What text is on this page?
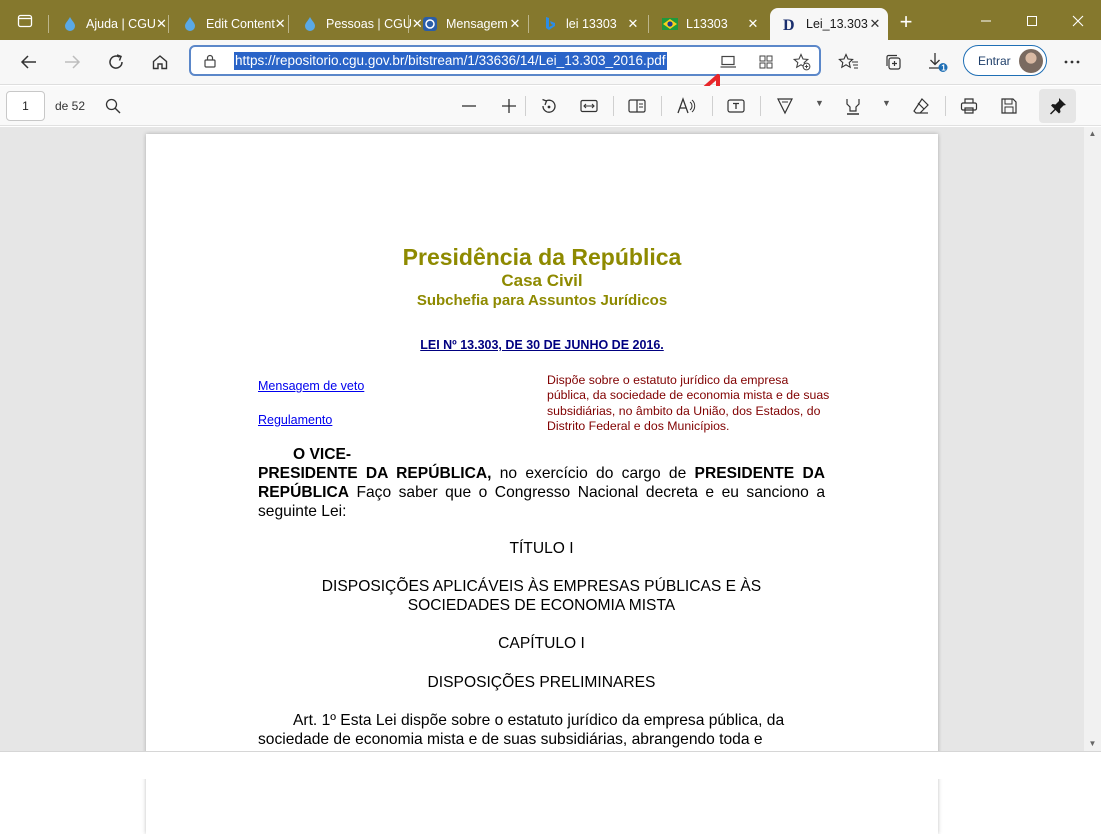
Ajuda | CGU ✕	Edit Content ✕	Pessoas | CGU ✕ Mensagem ✕	lei 13303 ✕	L13303	✕ D Lei_13.303 ✕ +
https://repositorio.cgu.gov.br/bitstream/1/33636/14/Lei_13.303_2016.pdf	1
Entrar
1	de 52	▼	▼
Presidência da República
Casa Civil
Subchefia para Assuntos Jurídicos
LEI Nº 13.303, DE 30 DE JUNHO DE 2016.
Mensagem de veto
Regulamento
Dispõe sobre o estatuto jurídico da empresa pública, da sociedade de economia mista e de suas subsidiárias, no âmbito da União, dos Estados, do Distrito Federal e dos Municípios.
O VICE-
PRESIDENTE DA REPÚBLICA, no exercício do cargo de PRESIDENTE DA REPÚBLICA Faço saber que o Congresso Nacional decreta e eu sanciono a seguinte Lei:
TÍTULO I
DISPOSIÇÕES APLICÁVEIS ÀS EMPRESAS PÚBLICAS E ÀS SOCIEDADES DE ECONOMIA MISTA
CAPÍTULO I
DISPOSIÇÕES PRELIMINARES
Art. 1º Esta Lei dispõe sobre o estatuto jurídico da empresa pública, da sociedade de economia mista e de suas subsidiárias, abrangendo toda e
▲
▼
